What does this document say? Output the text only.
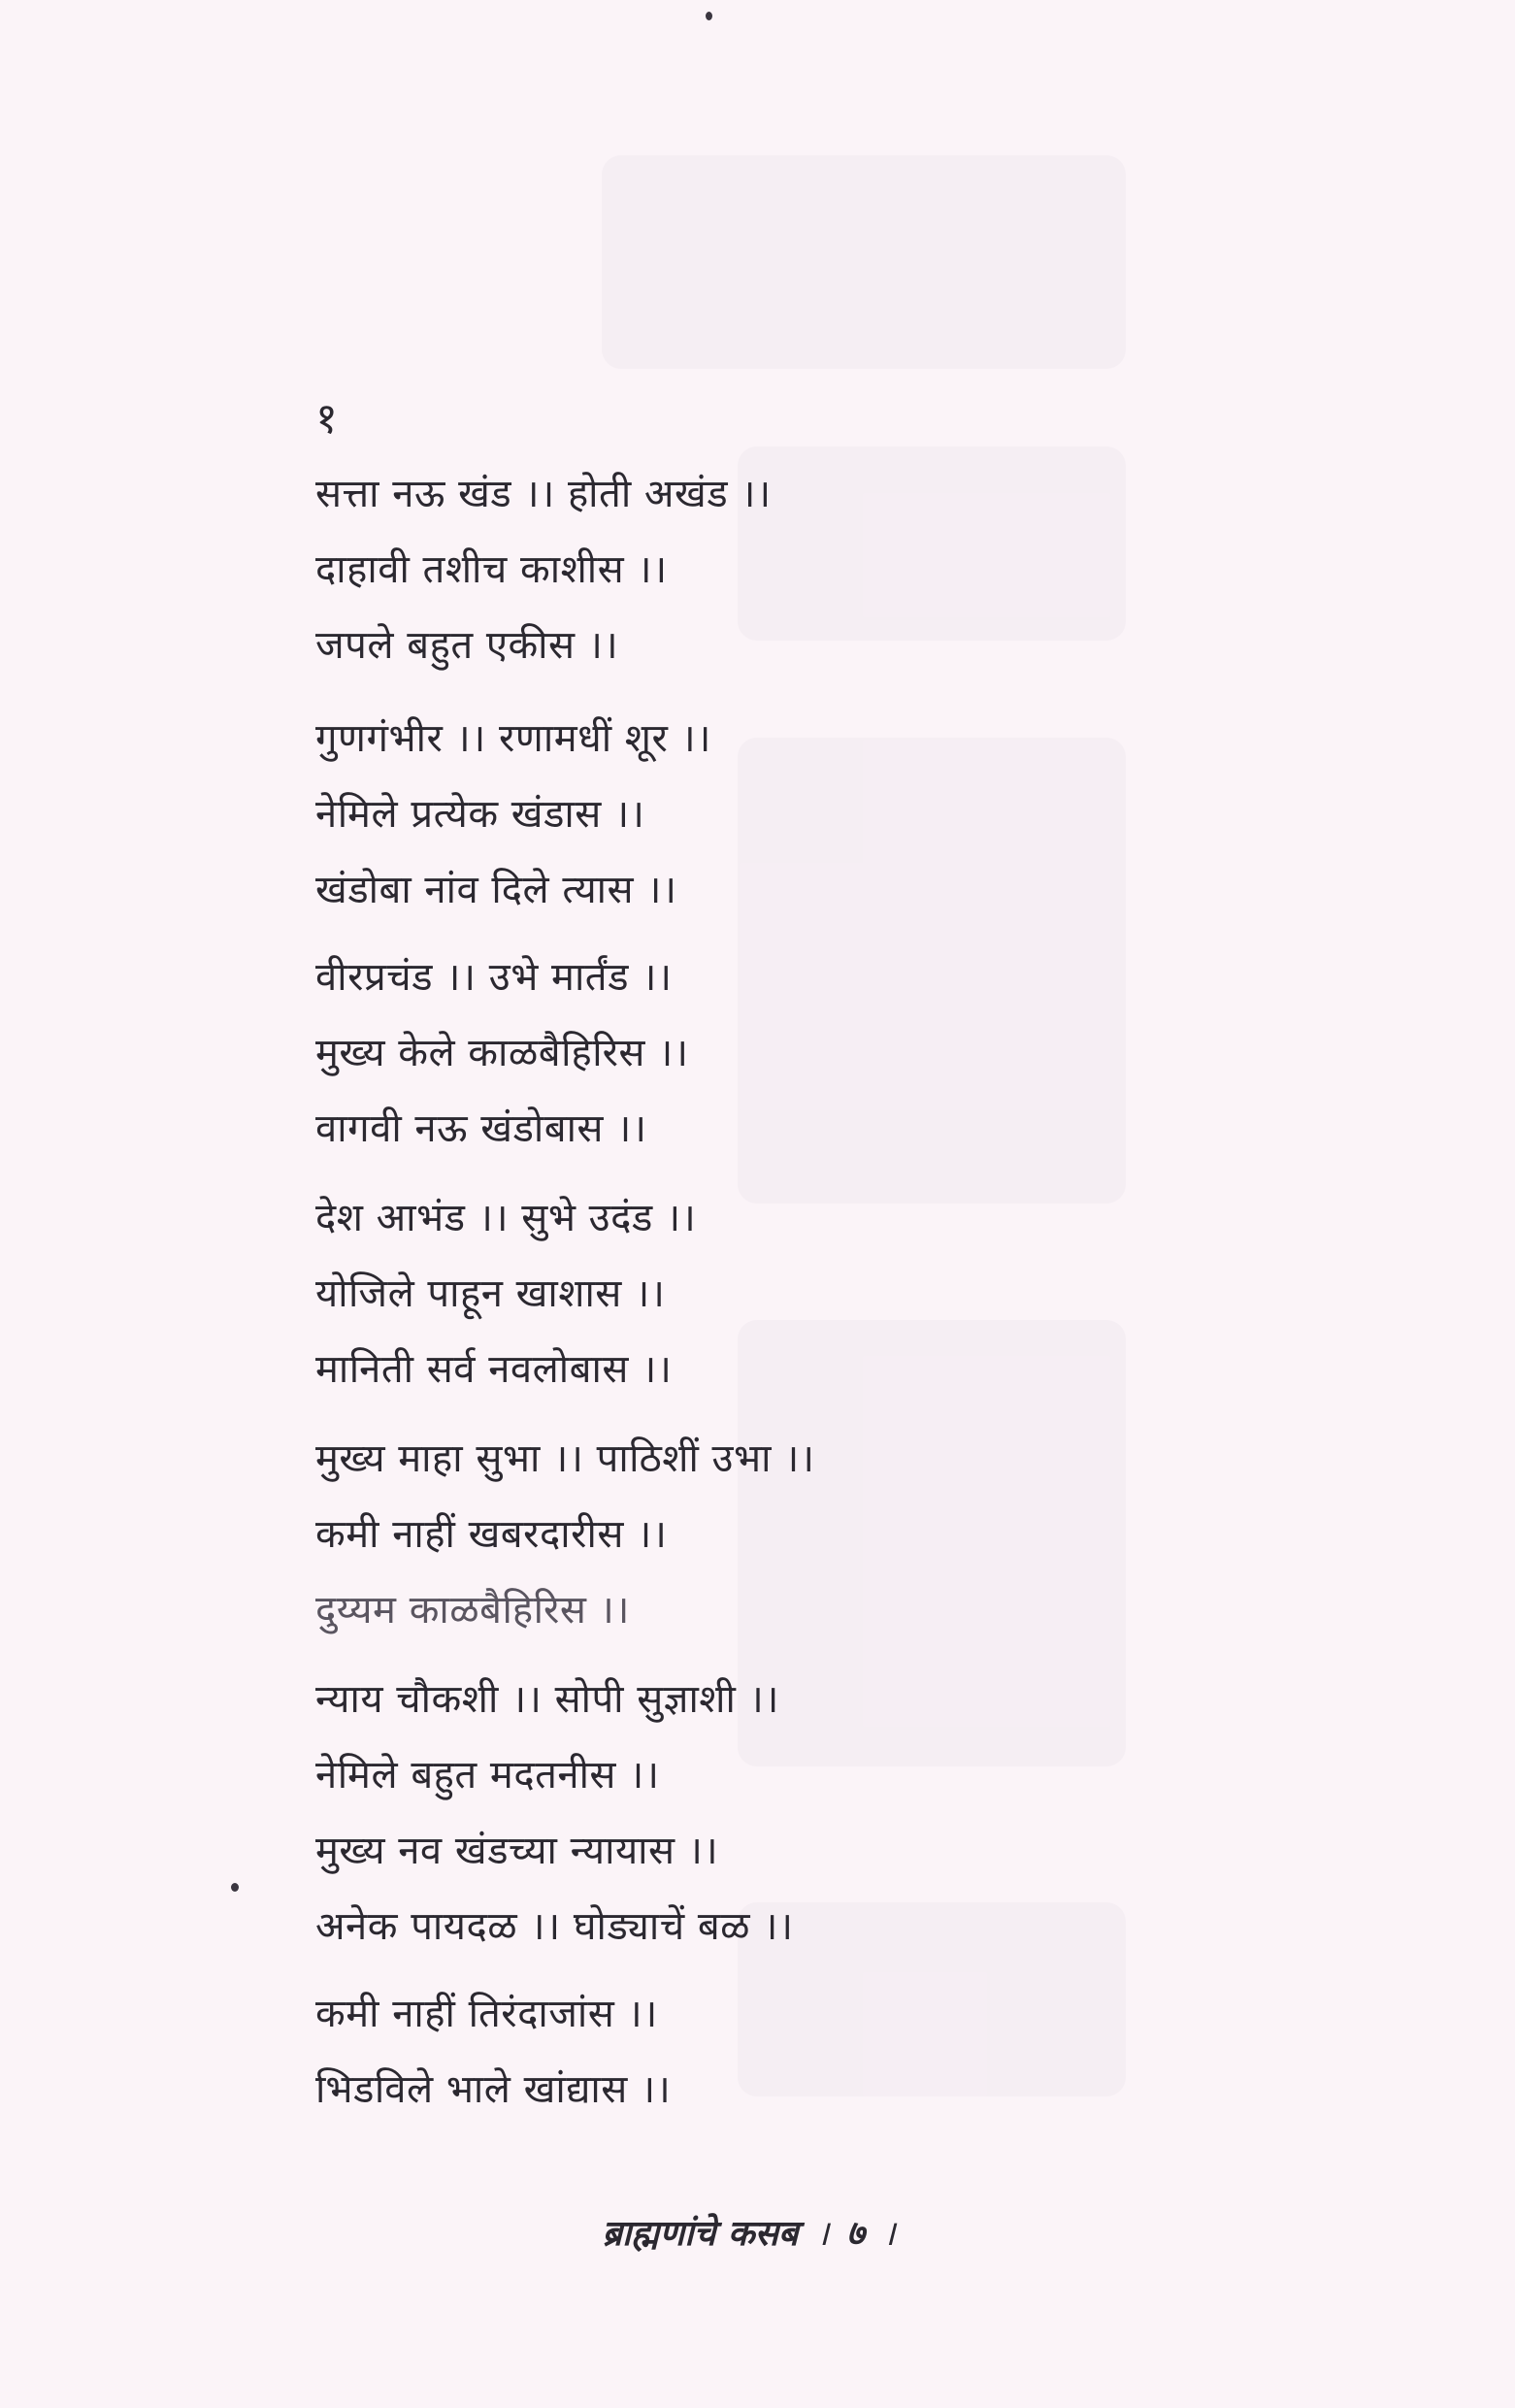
१
सत्ता नऊ खंड ।। होती अखंड ।।
दाहावी तशीच काशीस ।।
जपले बहुत एकीस ।।
गुणगंभीर ।। रणामधीं शूर ।।
नेमिले प्रत्येक खंडास ।।
खंडोबा नांव दिले त्यास ।।
वीरप्रचंड ।। उभे मार्तंड ।।
मुख्य केले काळबैहिरिस ।।
वागवी नऊ खंडोबास ।।
देश आभंड ।। सुभे उदंड ।।
योजिले पाहून खाशास ।।
मानिती सर्व नवलोबास ।।
मुख्य माहा सुभा ।। पाठिशीं उभा ।।
कमी नाहीं खबरदारीस ।।
दुय्यम काळबैहिरिस ।।
न्याय चौकशी ।। सोपी सुज्ञाशी ।।
नेमिले बहुत मदतनीस ।।
मुख्य नव खंडच्या न्यायास ।।
अनेक पायदळ ।। घोड्याचें बळ ।।
कमी नाहीं तिरंदाजांस ।।
भिडविले भाले खांद्यास ।।
ब्राह्मणांचे कसब । ७ ।
